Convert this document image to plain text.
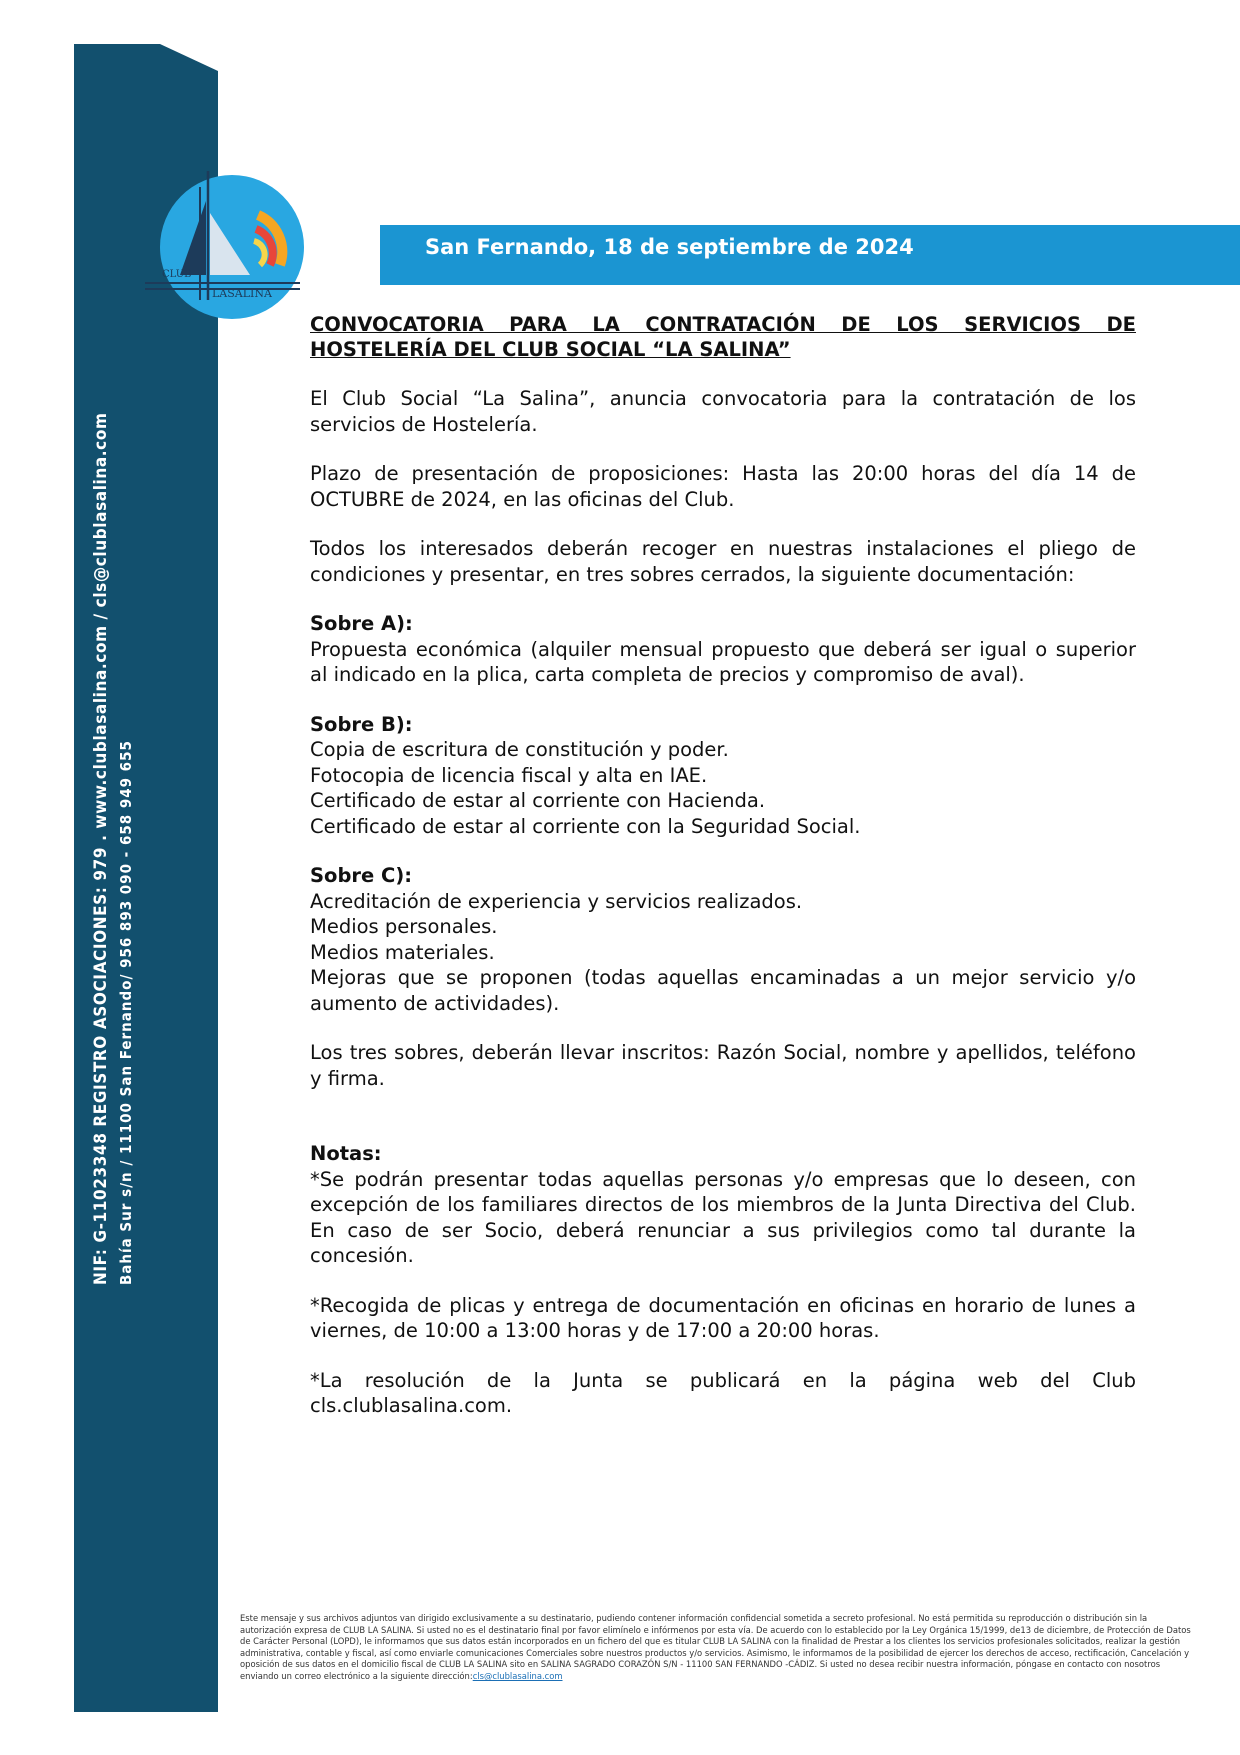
CLUB
LASALINA
NIF: G-11023348 REGISTRO ASOCIACIONES: 979 . www.clublasalina.com / cls@clublasalina.com Bahía Sur s/n / 11100 San Fernando/ 956 893 090 - 658 949 655
San Fernando, 18 de septiembre de 2024
CONVOCATORIA PARA LA CONTRATACIÓN DE LOS SERVICIOS DE HOSTELERÍA DEL CLUB SOCIAL “LA SALINA”

El Club Social “La Salina”, anuncia convocatoria para la contratación de los servicios de Hostelería.

Plazo de presentación de proposiciones: Hasta las 20:00 horas del día 14 de OCTUBRE de 2024, en las oficinas del Club.

Todos los interesados deberán recoger en nuestras instalaciones el pliego de condiciones y presentar, en tres sobres cerrados, la siguiente documentación:

Sobre A):
Propuesta económica (alquiler mensual propuesto que deberá ser igual o superior al indicado en la plica, carta completa de precios y compromiso de aval).
Sobre B):
Copia de escritura de constitución y poder.
Fotocopia de licencia fiscal y alta en IAE.
Certificado de estar al corriente con Hacienda.
Certificado de estar al corriente con la Seguridad Social.
Sobre C):
Acreditación de experiencia y servicios realizados.
Medios personales.
Medios materiales.
Mejoras que se proponen (todas aquellas encaminadas a un mejor servicio y/o aumento de actividades).

Los tres sobres, deberán llevar inscritos: Razón Social, nombre y apellidos, teléfono y firma.

Notas:

*Se podrán presentar todas aquellas personas y/o empresas que lo deseen, con excepción de los familiares directos de los miembros de la Junta Directiva del Club. En caso de ser Socio, deberá renunciar a sus privilegios como tal durante la concesión.

*Recogida de plicas y entrega de documentación en oficinas en horario de lunes a viernes, de 10:00 a 13:00 horas y de 17:00 a 20:00 horas.

*La resolución de la Junta se publicará en la página web del Club cls.clublasalina.com.

Este mensaje y sus archivos adjuntos van dirigido exclusivamente a su destinatario, pudiendo contener información confidencial sometida a secreto profesional. No está permitida su reproducción o distribución sin la autorización expresa de CLUB LA SALINA. Si usted no es el destinatario final por favor elimínelo e infórmenos por esta vía. De acuerdo con lo establecido por la Ley Orgánica 15/1999, de13 de diciembre, de Protección de Datos de Carácter Personal (LOPD), le informamos que sus datos están incorporados en un fichero del que es titular CLUB LA SALINA con la finalidad de Prestar a los clientes los servicios profesionales solicitados, realizar la gestión administrativa, contable y fiscal, así como enviarle comunicaciones Comerciales sobre nuestros productos y/o servicios. Asimismo, le informamos de la posibilidad de ejercer los derechos de acceso, rectificación, Cancelación y oposición de sus datos en el domicilio fiscal de CLUB LA SALINA sito en SALINA SAGRADO CORAZÓN S/N - 11100 SAN FERNANDO -CÁDIZ. Si usted no desea recibir nuestra información, póngase en contacto con nosotros enviando un correo electrónico a la siguiente dirección:cls@clublasalina.com
